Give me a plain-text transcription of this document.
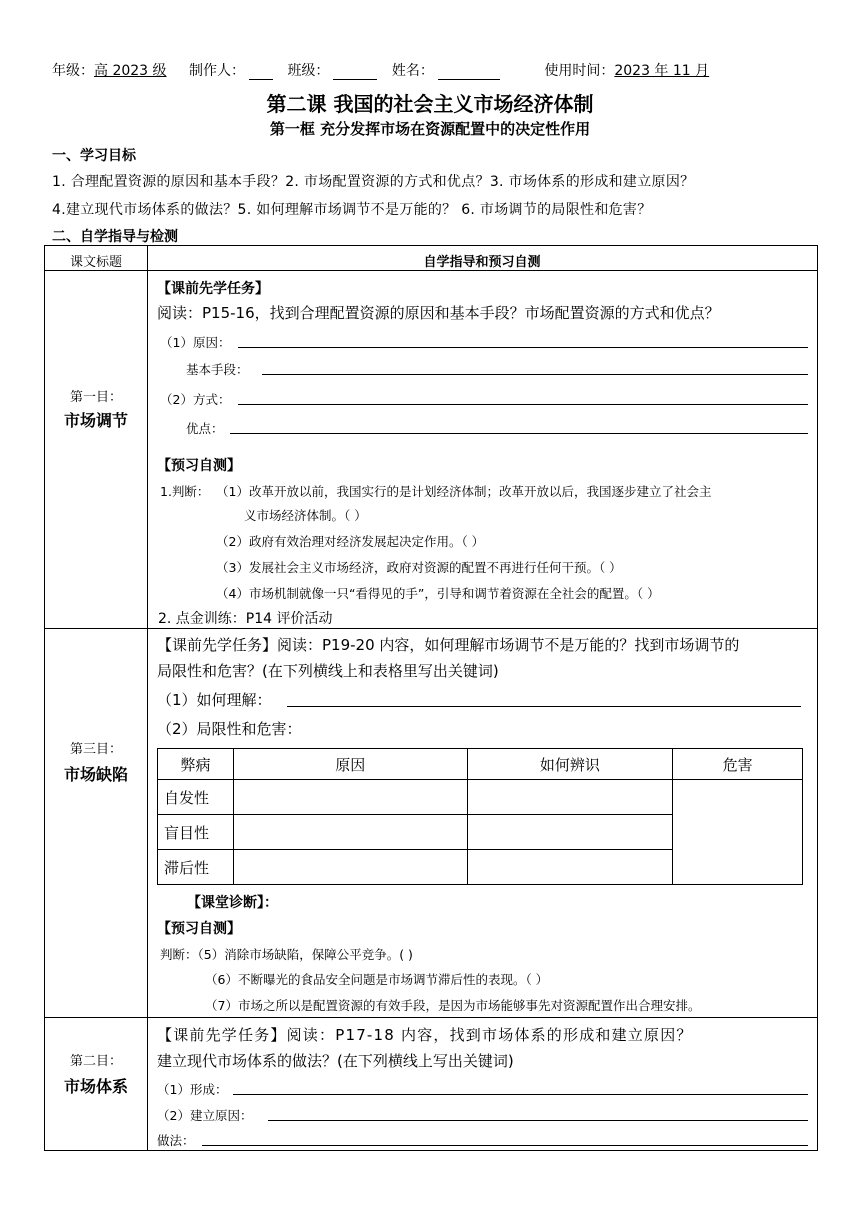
年级：高 2023 级 制作人：	班级：	姓名：	使用时间：2023 年 11 月
第二课 我国的社会主义市场经济体制
第一框 充分发挥市场在资源配置中的决定性作用
一、学习目标
1. 合理配置资源的原因和基本手段？2. 市场配置资源的方式和优点？3. 市场体系的形成和建立原因？
4.建立现代市场体系的做法？5. 如何理解市场调节不是万能的？ 6. 市场调节的局限性和危害？
二、自学指导与检测
课文标题	自学指导和预习自测
第一目：
市场调节
【课前先学任务】
阅读：P15-16，找到合理配置资源的原因和基本手段？市场配置资源的方式和优点？
（1）原因：
基本手段：
（2）方式：
优点：
【预习自测】
1.判断： （1）改革开放以前，我国实行的是计划经济体制；改革开放以后，我国逐步建立了社会主
义市场经济体制。（ ）
（2）政府有效治理对经济发展起决定作用。（ ）
（3）发展社会主义市场经济，政府对资源的配置不再进行任何干预。（ ）
（4）市场机制就像一只“看得见的手”，引导和调节着资源在全社会的配置。（ ）
2. 点金训练：P14 评价活动
第三目：
市场缺陷
【课前先学任务】阅读：P19-20 内容，如何理解市场调节不是万能的？找到市场调节的
局限性和危害？(在下列横线上和表格里写出关键词)
（1）如何理解：
（2）局限性和危害：
弊病	原因	如何辨识	危害
自发性			
盲目性			
滞后性			
【课堂诊断】：
【预习自测】
判断：（5）消除市场缺陷，保障公平竞争。( )
（6）不断曝光的食品安全问题是市场调节滞后性的表现。（ ）
（7）市场之所以是配置资源的有效手段，是因为市场能够事先对资源配置作出合理安排。
第二目：
市场体系
【课前先学任务】阅读：P17-18 内容，找到市场体系的形成和建立原因？
建立现代市场体系的做法？(在下列横线上写出关键词)
（1）形成：
（2）建立原因：
做法：
